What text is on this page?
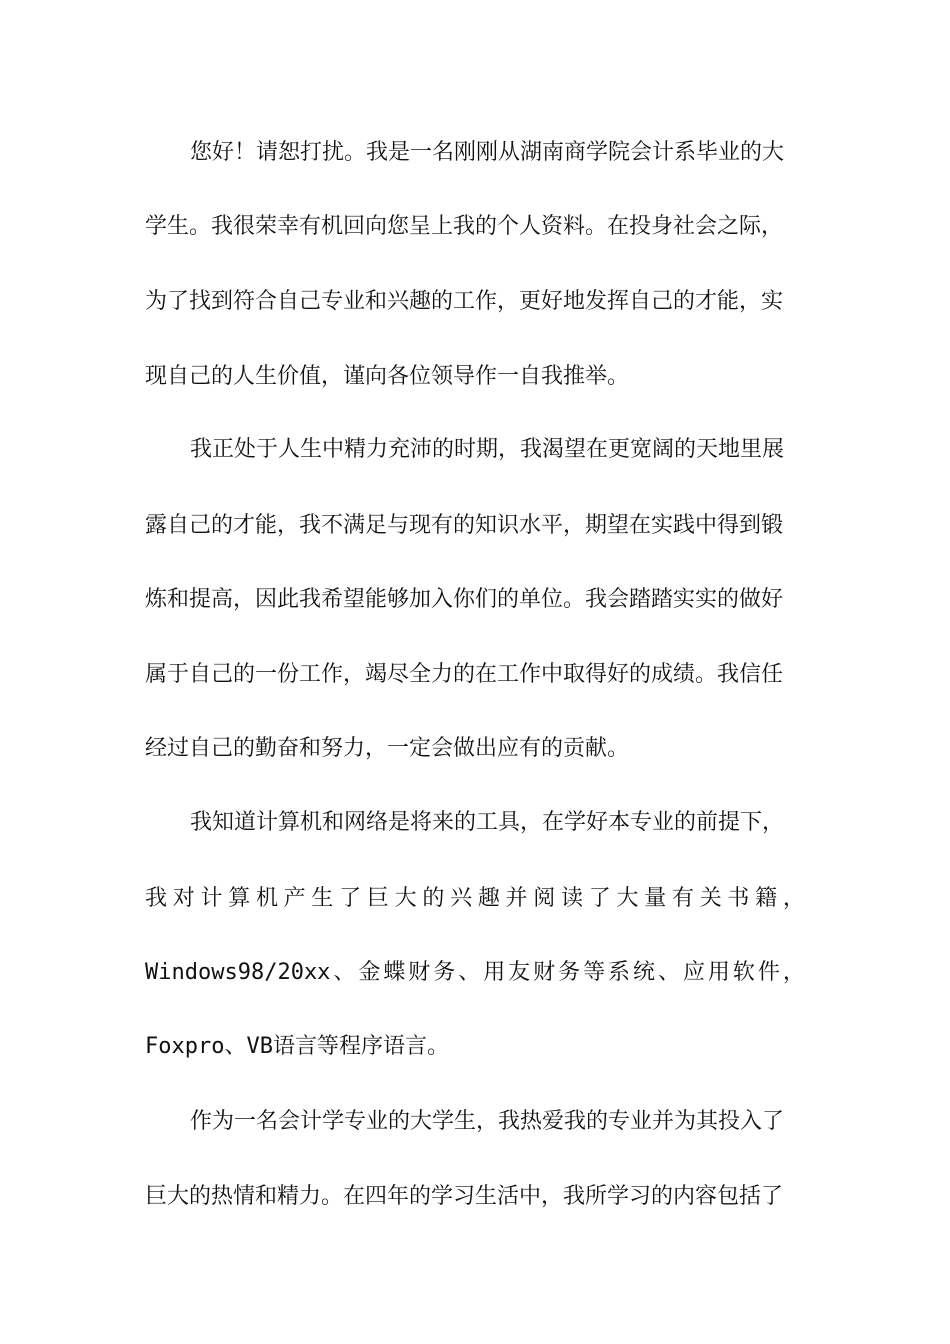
您好！请恕打扰。我是一名刚刚从湖南商学院会计系毕业的大
学生。我很荣幸有机回向您呈上我的个人资料。在投身社会之际，
为了找到符合自己专业和兴趣的工作，更好地发挥自己的才能，实
现自己的人生价值，谨向各位领导作一自我推举。
我正处于人生中精力充沛的时期，我渴望在更宽阔的天地里展
露自己的才能，我不满足与现有的知识水平，期望在实践中得到锻
炼和提高，因此我希望能够加入你们的单位。我会踏踏实实的做好
属于自己的一份工作，竭尽全力的在工作中取得好的成绩。我信任
经过自己的勤奋和努力，一定会做出应有的贡献。
我知道计算机和网络是将来的工具，在学好本专业的前提下，
我 对 计 算 机 产 生 了 巨 大 的 兴 趣 并 阅 读 了 大 量 有 关 书 籍 ，
Windows98/20xx 、 金 蝶 财 务 、 用 友 财 务 等 系 统 、 应 用 软 件 ，
Foxpro、VB语言等程序语言。
作为一名会计学专业的大学生，我热爱我的专业并为其投入了
巨大的热情和精力。在四年的学习生活中，我所学习的内容包括了
